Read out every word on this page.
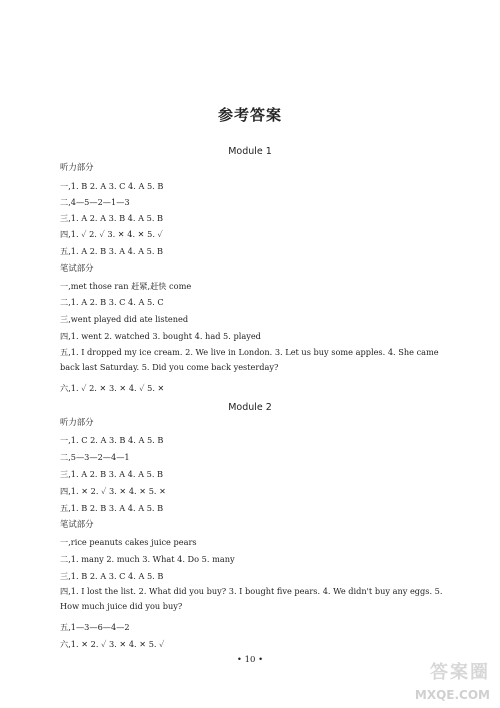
参考答案
Module 1
听力部分
一,1. B 2. A 3. C 4. A 5. B
二,4—5—2—1—3
三,1. A 2. A 3. B 4. A 5. B
四,1. ✓ 2. ✓ 3. ✕ 4. ✕ 5. ✓
五,1. A 2. B 3. A 4. A 5. B
笔试部分
一,met those ran 赶紧,赶快 come
二,1. A 2. B 3. C 4. A 5. C
三,went played did ate listened
四,1. went 2. watched 3. bought 4. had 5. played
五,1. I dropped my ice cream. 2. We live in London. 3. Let us buy some apples. 4. She came back last Saturday. 5. Did you come back yesterday?
六,1. ✓ 2. ✕ 3. ✕ 4. ✓ 5. ✕
Module 2
听力部分
一,1. C 2. A 3. B 4. A 5. B
二,5—3—2—4—1
三,1. A 2. B 3. A 4. A 5. B
四,1. ✕ 2. ✓ 3. ✕ 4. ✕ 5. ✕
五,1. B 2. B 3. A 4. A 5. B
笔试部分
一,rice peanuts cakes juice pears
二,1. many 2. much 3. What 4. Do 5. many
三,1. B 2. A 3. C 4. A 5. B
四,1. I lost the list. 2. What did you buy? 3. I bought five pears. 4. We didn't buy any eggs. 5. How much juice did you buy?
五,1—3—6—4—2
六,1. ✕ 2. ✓ 3. ✕ 4. ✕ 5. ✓
• 10 •
答案圈
MXQE.COM
